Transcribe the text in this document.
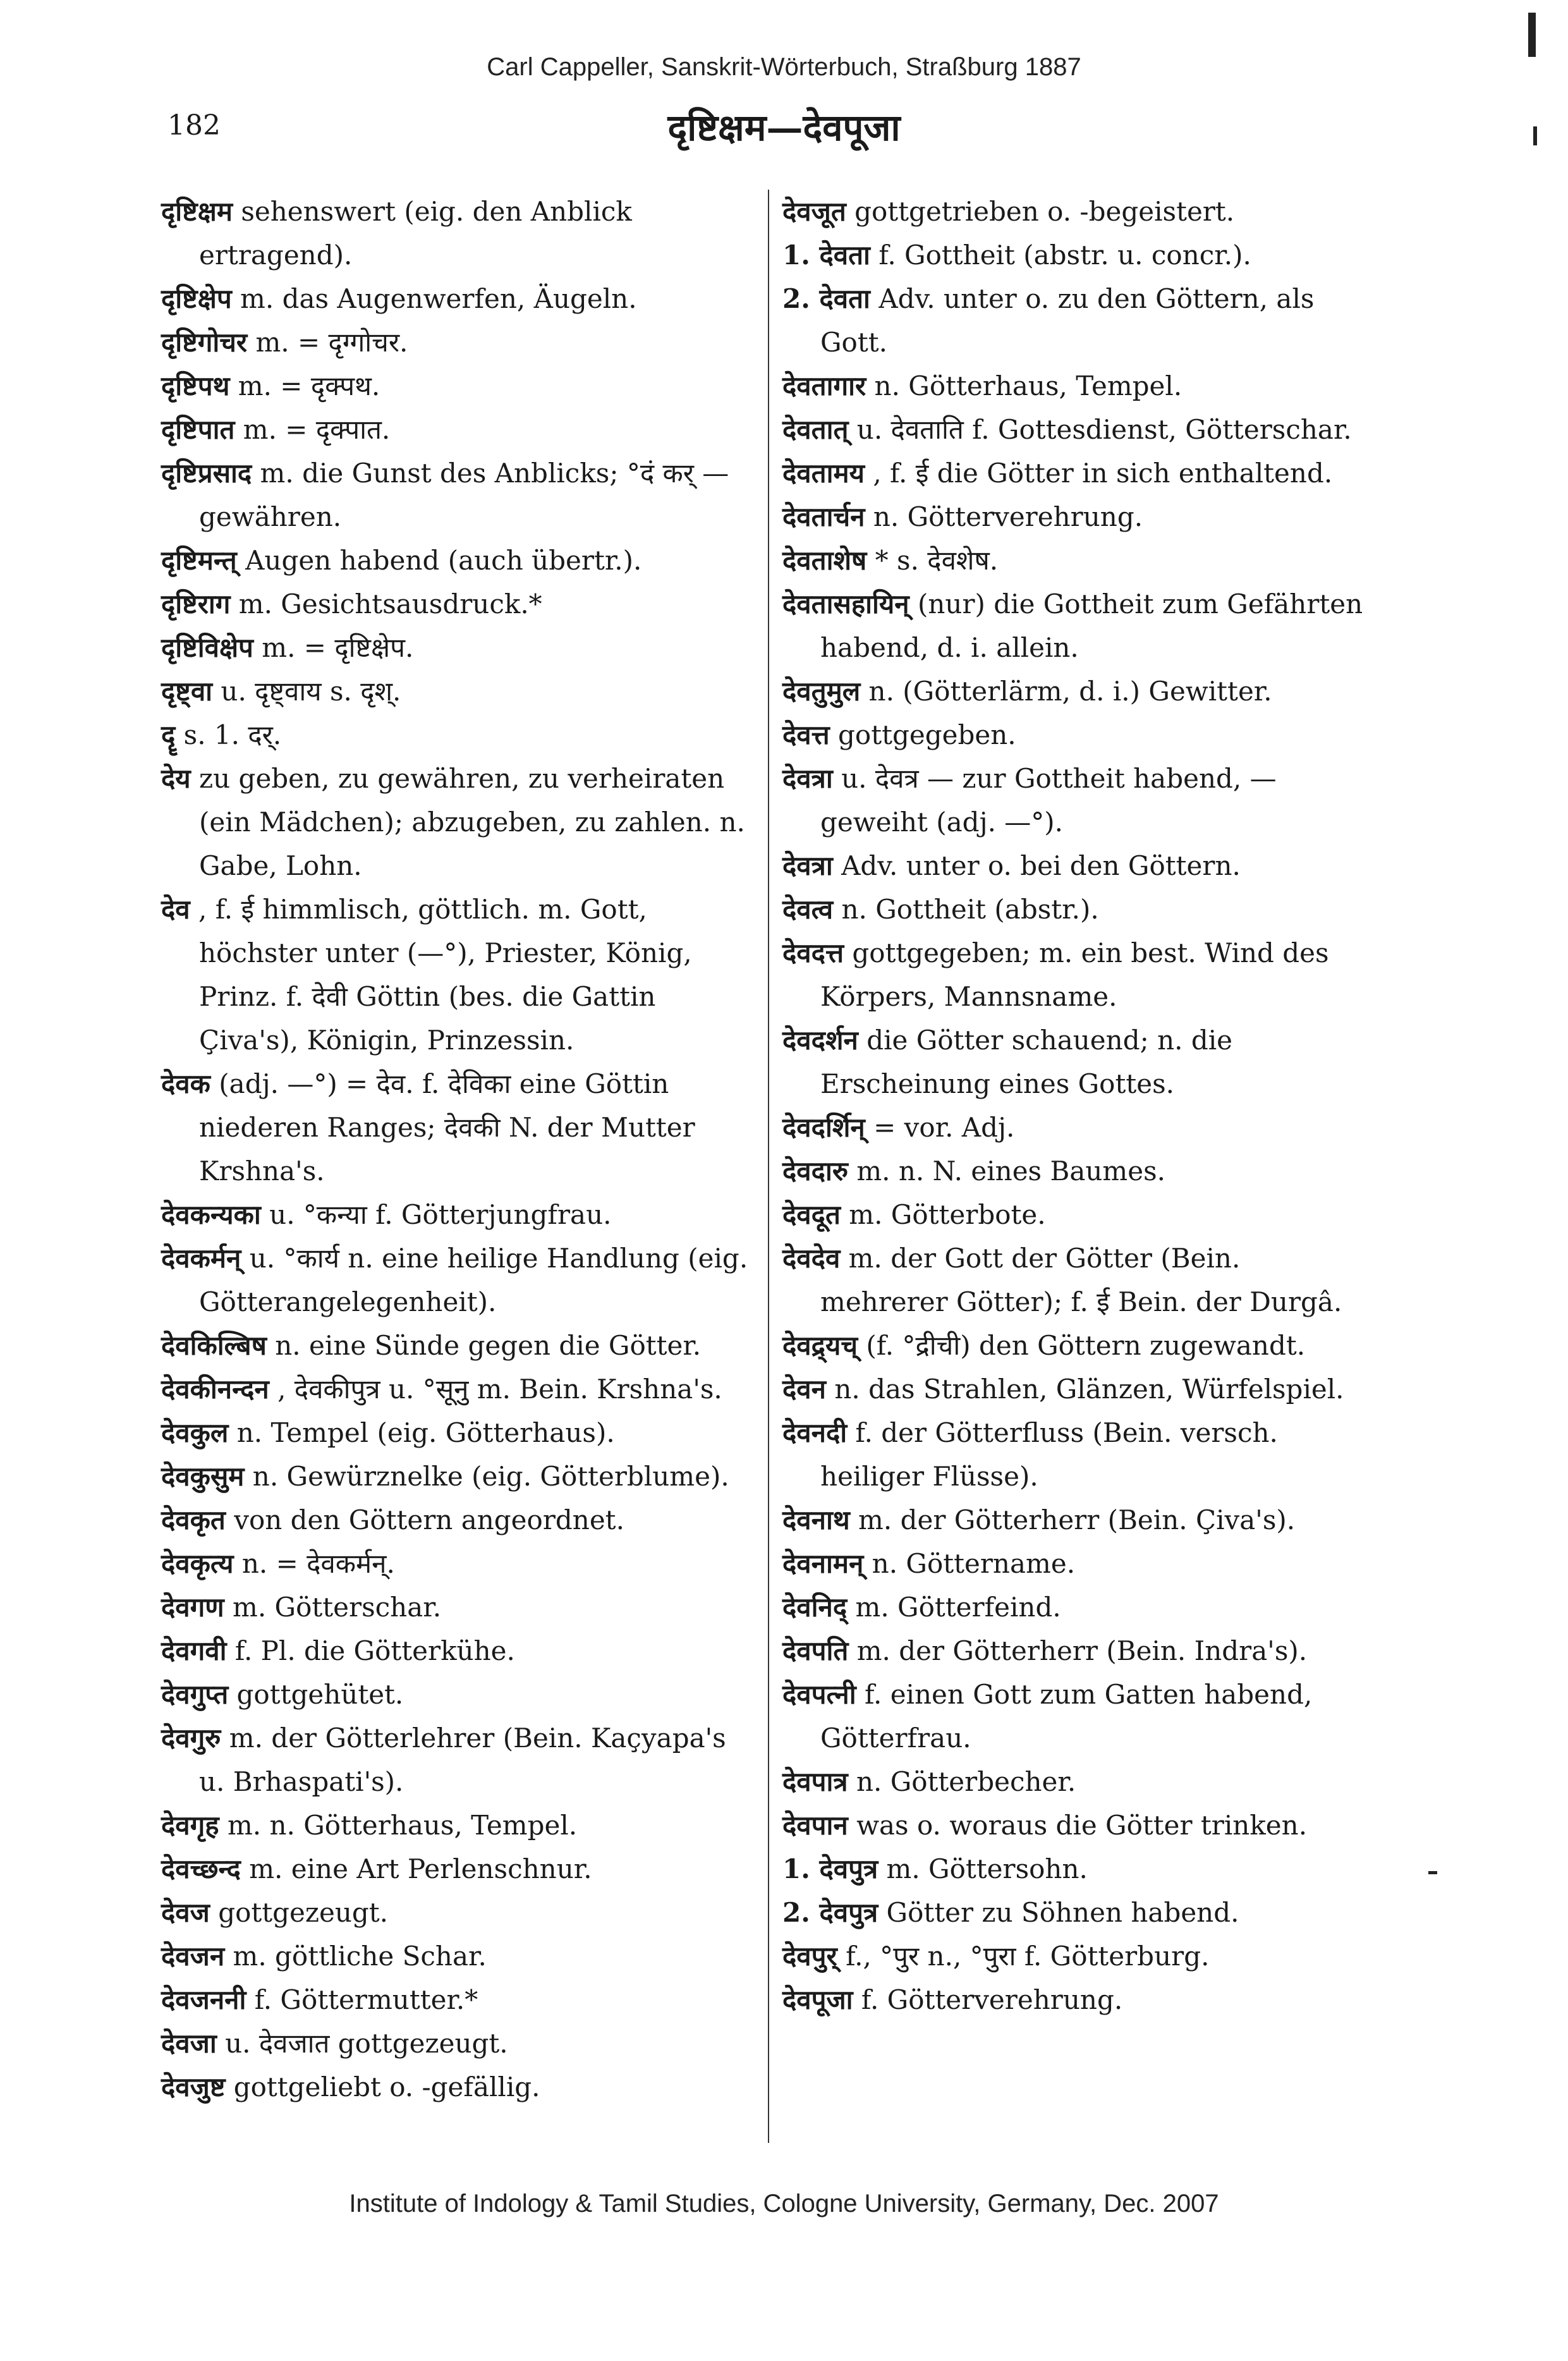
Carl Cappeller, Sanskrit-Wörterbuch, Straßburg 1887
182	दृष्टिक्षम—देवपूजा
दृष्टिक्षम sehenswert (eig. den Anblick ertragend).
दृष्टिक्षेप m. das Augenwerfen, Äugeln.
दृष्टिगोचर m. = दृग्गोचर.
दृष्टिपथ m. = दृक्पथ.
दृष्टिपात m. = दृक्पात.
दृष्टिप्रसाद m. die Gunst des Anblicks; °दं कर् —gewähren.
दृष्टिमन्त् Augen habend (auch übertr.).
दृष्टिराग m. Gesichtsausdruck.*
दृष्टिविक्षेप m. = दृष्टिक्षेप.
दृष्ट्वा u. दृष्ट्वाय s. दृश्.
दॄ s. 1. दर्.
देय zu geben, zu gewähren, zu verheiraten (ein Mädchen); abzugeben, zu zahlen. n. Gabe, Lohn.
देव , f. ई himmlisch, göttlich. m. Gott, höchster unter (—°), Priester, König, Prinz. f. देवी Göttin (bes. die Gattin Çiva's), Königin, Prinzessin.
देवक (adj. —°) = देव. f. देविका eine Göttin niederen Ranges; देवकी N. der Mutter Krshna's.
देवकन्यका u. °कन्या f. Götterjungfrau.
देवकर्मन् u. °कार्य n. eine heilige Handlung (eig. Götterangelegenheit).
देवकिल्बिष n. eine Sünde gegen die Götter.
देवकीनन्दन , देवकीपुत्र u. °सूनु m. Bein. Krshna's.
देवकुल n. Tempel (eig. Götterhaus).
देवकुसुम n. Gewürznelke (eig. Götterblume).
देवकृत von den Göttern angeordnet.
देवकृत्य n. = देवकर्मन्.
देवगण m. Götterschar.
देवगवी f. Pl. die Götterkühe.
देवगुप्त gottgehütet.
देवगुरु m. der Götterlehrer (Bein. Kaçyapa's u. Brhaspati's).
देवगृह m. n. Götterhaus, Tempel.
देवच्छन्द m. eine Art Perlenschnur.
देवज gottgezeugt.
देवजन m. göttliche Schar.
देवजननी f. Göttermutter.*
देवजा u. देवजात gottgezeugt.
देवजुष्ट gottgeliebt o. -gefällig.
देवजूत gottgetrieben o. -begeistert.
1. देवता f. Gottheit (abstr. u. concr.).
2. देवता Adv. unter o. zu den Göttern, als Gott.
देवतागार n. Götterhaus, Tempel.
देवतात् u. देवताति f. Gottesdienst, Götterschar.
देवतामय , f. ई die Götter in sich enthaltend.
देवतार्चन n. Götterverehrung.
देवताशेष * s. देवशेष.
देवतासहायिन् (nur) die Gottheit zum Gefährten habend, d. i. allein.
देवतुमुल n. (Götterlärm, d. i.) Gewitter.
देवत्त gottgegeben.
देवत्रा u. देवत्र — zur Gottheit habend, — geweiht (adj. —°).
देवत्रा Adv. unter o. bei den Göttern.
देवत्व n. Gottheit (abstr.).
देवदत्त gottgegeben; m. ein best. Wind des Körpers, Mannsname.
देवदर्शन die Götter schauend; n. die Erscheinung eines Gottes.
देवदर्शिन् = vor. Adj.
देवदारु m. n. N. eines Baumes.
देवदूत m. Götterbote.
देवदेव m. der Gott der Götter (Bein. mehrerer Götter); f. ई Bein. der Durgâ.
देवद्र्यच् (f. °द्रीची) den Göttern zugewandt.
देवन n. das Strahlen, Glänzen, Würfelspiel.
देवनदी f. der Götterfluss (Bein. versch. heiliger Flüsse).
देवनाथ m. der Götterherr (Bein. Çiva's).
देवनामन् n. Göttername.
देवनिद् m. Götterfeind.
देवपति m. der Götterherr (Bein. Indra's).
देवपत्नी f. einen Gott zum Gatten habend, Götterfrau.
देवपात्र n. Götterbecher.
देवपान was o. woraus die Götter trinken.
1. देवपुत्र m. Göttersohn.
2. देवपुत्र Götter zu Söhnen habend.
देवपुर् f., °पुर n., °पुरा f. Götterburg.
देवपूजा f. Götterverehrung.
Institute of Indology & Tamil Studies, Cologne University, Germany, Dec. 2007
